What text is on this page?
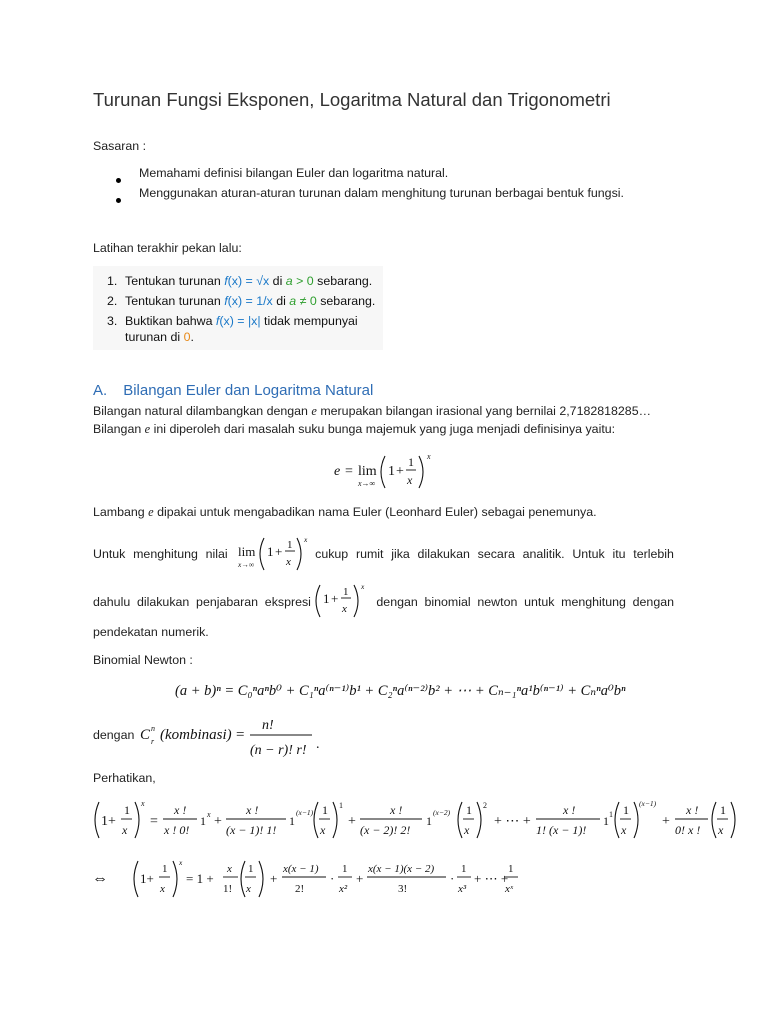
Turunan Fungsi Eksponen, Logaritma Natural dan Trigonometri
Sasaran :
Memahami definisi bilangan Euler dan logaritma natural.
Menggunakan aturan-aturan turunan dalam menghitung turunan berbagai bentuk fungsi.
Latihan terakhir pekan lalu:
1. Tentukan turunan f(x) = √x di a > 0 sebarang.
2. Tentukan turunan f(x) = 1/x di a ≠ 0 sebarang.
3. Buktikan bahwa f(x) = |x| tidak mempunyai
turunan di 0.
A. Bilangan Euler dan Logaritma Natural
Bilangan natural dilambangkan dengan e merupakan bilangan irasional yang bernilai 2,7182818285…
Bilangan e ini diperoleh dari masalah suku bunga majemuk yang juga menjadi definisinya yaitu:
e = lim
x→∞
1 +
1
x
x
Lambang e dipakai untuk mengabadikan nama Euler (Leonhard Euler) sebagai penemunya.
Untuk menghitung nilai	cukup rumit jika dilakukan secara analitik. Untuk itu terlebih
lim
x→∞
1 + 1
x
x
dahulu dilakukan penjabaran ekspresi	dengan binomial newton untuk menghitung dengan
1 + 1
x
x
pendekatan numerik.
Binomial Newton :
(a + b)ⁿ = C₀ⁿaⁿb⁰ + C₁ⁿa⁽ⁿ⁻¹⁾b¹ + C₂ⁿa⁽ⁿ⁻²⁾b² + ⋯ + Cₙ₋₁ⁿa¹b⁽ⁿ⁻¹⁾ + Cₙⁿa⁰bⁿ
dengan C n
r (kombinasi) =
n!
(n − r)! r! .
Perhatikan,
1+
1
x
x
=
x !
x ! 0!
1 x +
x !
(x − 1)! 1!
1
(x−1) 1
x
1
+
x !
(x − 2)! 2!
1
(x−2) 1
x
2
+ ⋯ +
x !
1! (x − 1)!
1 1 1
x
(x−1)
+
x !
0! x !
1
x
⇔ 1+
1
x
x
= 1 +
x
1!
1
x
+
x(x − 1)
2!
·
1
x²
+
x(x − 1)(x − 2)
3!
·
1
x³
+ ⋯ +
1
xˣ
